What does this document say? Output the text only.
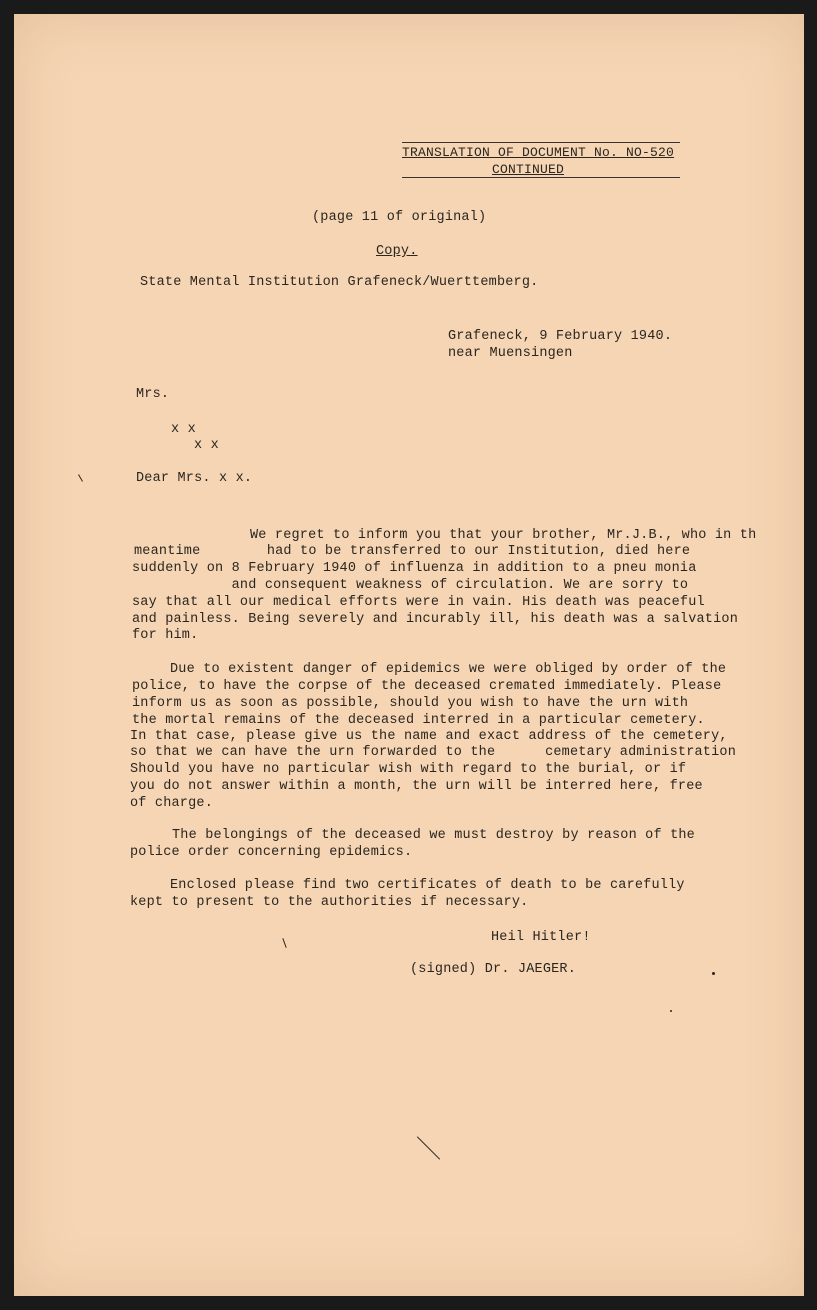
TRANSLATION OF DOCUMENT No. NO-520
CONTINUED
(page 11 of original)
Copy.
State Mental Institution Grafeneck/Wuerttemberg.
Grafeneck, 9 February 1940.
near Muensingen
Mrs.
x x
x x
Dear Mrs. x x.
We regret to inform you that your brother, Mr.J.B., who in th
meantime        had to be transferred to our Institution, died here
suddenly on 8 February 1940 of influenza in addition to a pneu monia
and consequent weakness of circulation. We are sorry to
say that all our medical efforts were in vain. His death was peaceful
and painless. Being severely and incurably ill, his death was a salvation
for him.
Due to existent danger of epidemics we were obliged by order of the
police, to have the corpse of the deceased cremated immediately. Please
inform us as soon as possible, should you wish to have the urn with
the mortal remains of the deceased interred in a particular cemetery.
In that case, please give us the name and exact address of the cemetery,
so that we can have the urn forwarded to the      cemetary administration
Should you have no particular wish with regard to the burial, or if
you do not answer within a month, the urn will be interred here, free
of charge.
The belongings of the deceased we must destroy by reason of the
police order concerning epidemics.
Enclosed please find two certificates of death to be carefully
kept to present to the authorities if necessary.
Heil Hitler!
(signed) Dr. JAEGER.
